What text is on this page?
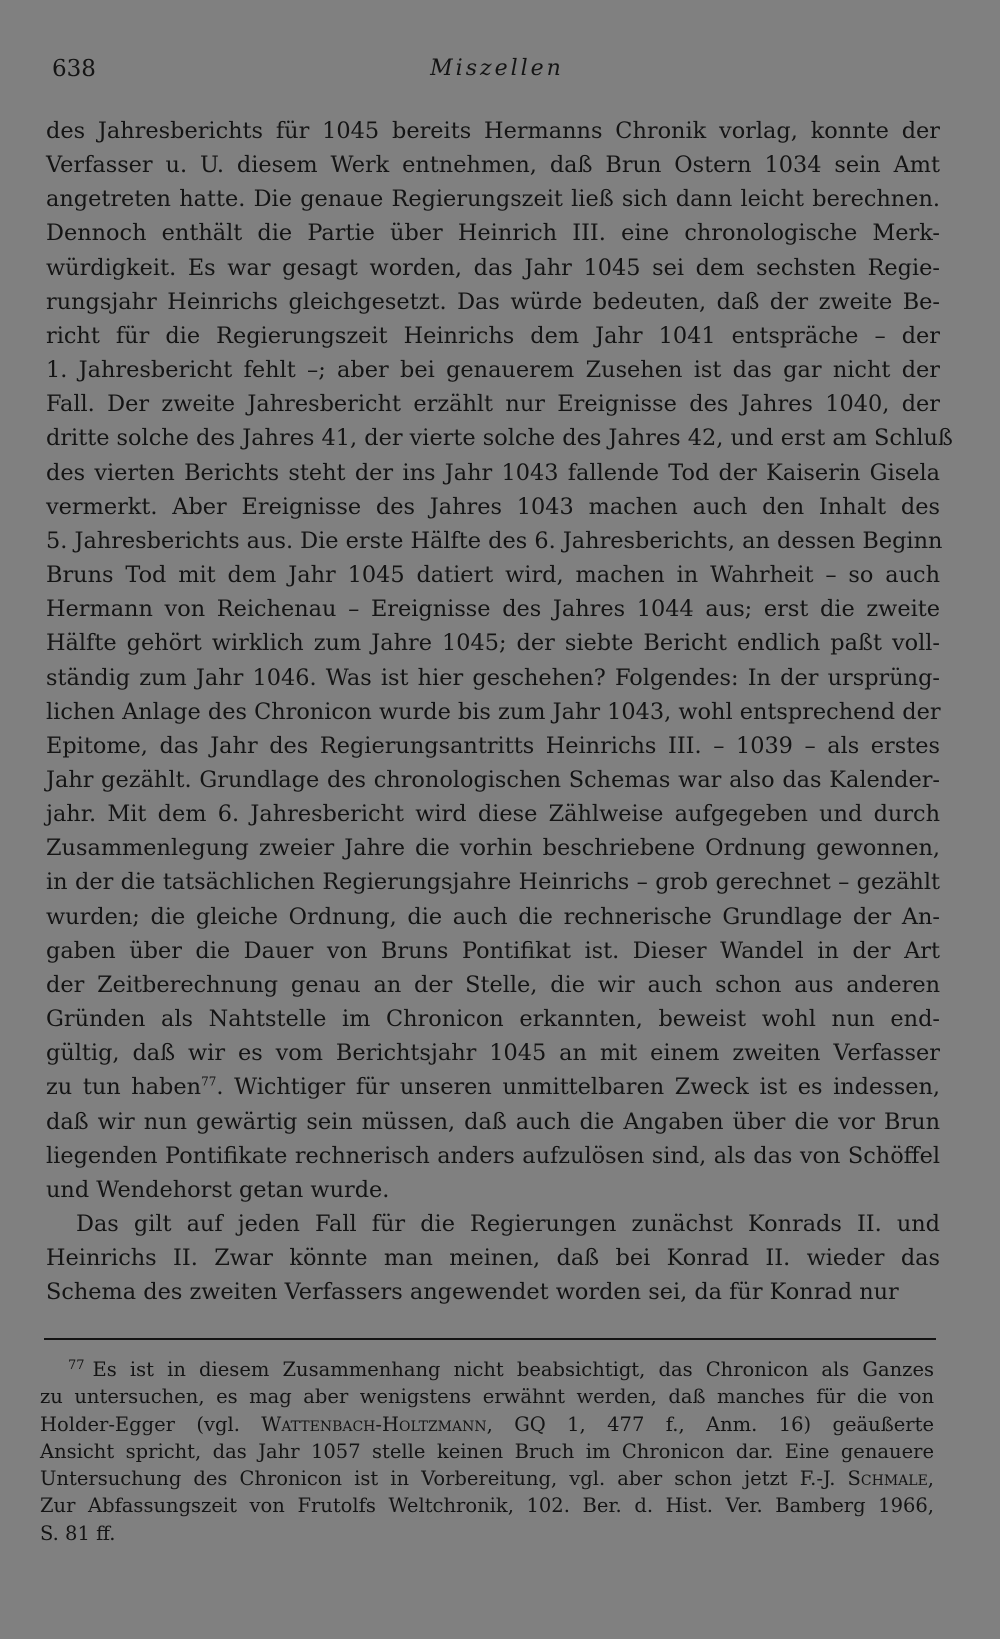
638	Miszellen
des Jahresberichts für 1045 bereits Hermanns Chronik vorlag, konnte der
Verfasser u. U. diesem Werk entnehmen, daß Brun Ostern 1034 sein Amt
angetreten hatte. Die genaue Regierungszeit ließ sich dann leicht berechnen.
Dennoch enthält die Partie über Heinrich III. eine chronologische Merk-
würdigkeit. Es war gesagt worden, das Jahr 1045 sei dem sechsten Regie-
rungsjahr Heinrichs gleichgesetzt. Das würde bedeuten, daß der zweite Be-
richt für die Regierungszeit Heinrichs dem Jahr 1041 entspräche – der
1. Jahresbericht fehlt –; aber bei genauerem Zusehen ist das gar nicht der
Fall. Der zweite Jahresbericht erzählt nur Ereignisse des Jahres 1040, der
dritte solche des Jahres 41, der vierte solche des Jahres 42, und erst am Schluß
des vierten Berichts steht der ins Jahr 1043 fallende Tod der Kaiserin Gisela
vermerkt. Aber Ereignisse des Jahres 1043 machen auch den Inhalt des
5. Jahresberichts aus. Die erste Hälfte des 6. Jahresberichts, an dessen Beginn
Bruns Tod mit dem Jahr 1045 datiert wird, machen in Wahrheit – so auch
Hermann von Reichenau – Ereignisse des Jahres 1044 aus; erst die zweite
Hälfte gehört wirklich zum Jahre 1045; der siebte Bericht endlich paßt voll-
ständig zum Jahr 1046. Was ist hier geschehen? Folgendes: In der ursprüng-
lichen Anlage des Chronicon wurde bis zum Jahr 1043, wohl entsprechend der
Epitome, das Jahr des Regierungsantritts Heinrichs III. – 1039 – als erstes
Jahr gezählt. Grundlage des chronologischen Schemas war also das Kalender-
jahr. Mit dem 6. Jahresbericht wird diese Zählweise aufgegeben und durch
Zusammenlegung zweier Jahre die vorhin beschriebene Ordnung gewonnen,
in der die tatsächlichen Regierungsjahre Heinrichs – grob gerechnet – gezählt
wurden; die gleiche Ordnung, die auch die rechnerische Grundlage der An-
gaben über die Dauer von Bruns Pontifikat ist. Dieser Wandel in der Art
der Zeitberechnung genau an der Stelle, die wir auch schon aus anderen
Gründen als Nahtstelle im Chronicon erkannten, beweist wohl nun end-
gültig, daß wir es vom Berichtsjahr 1045 an mit einem zweiten Verfasser
zu tun haben$^{77}$. Wichtiger für unseren unmittelbaren Zweck ist es indessen,
daß wir nun gewärtig sein müssen, daß auch die Angaben über die vor Brun
liegenden Pontifikate rechnerisch anders aufzulösen sind, als das von Schöffel
und Wendehorst getan wurde.
Das gilt auf jeden Fall für die Regierungen zunächst Konrads II. und
Heinrichs II. Zwar könnte man meinen, daß bei Konrad II. wieder das
Schema des zweiten Verfassers angewendet worden sei, da für Konrad nur
$^{77}$ Es ist in diesem Zusammenhang nicht beabsichtigt, das Chronicon als Ganzes
zu untersuchen, es mag aber wenigstens erwähnt werden, daß manches für die von
Holder-Egger (vgl. Wattenbach-Holtzmann, GQ 1, 477 f., Anm. 16) geäußerte
Ansicht spricht, das Jahr 1057 stelle keinen Bruch im Chronicon dar. Eine genauere
Untersuchung des Chronicon ist in Vorbereitung, vgl. aber schon jetzt F.-J. Schmale,
Zur Abfassungszeit von Frutolfs Weltchronik, 102. Ber. d. Hist. Ver. Bamberg 1966,
S. 81 ff.
